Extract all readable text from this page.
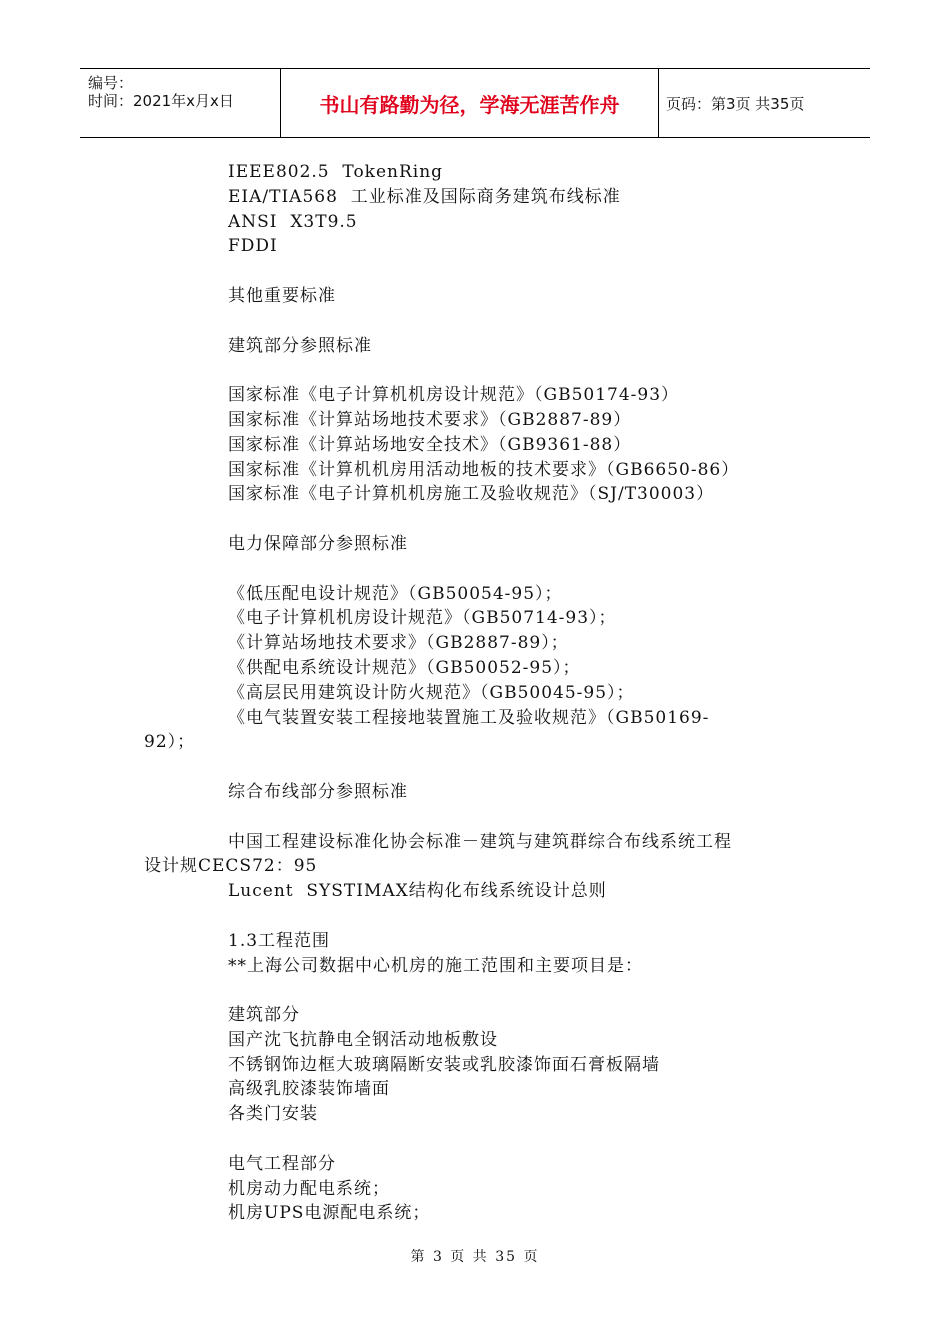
编号：
时间：2021年x月x日	书山有路勤为径，学海无涯苦作舟	页码：第3页 共35页

IEEE802.5  TokenRing

EIA/TIA568  工业标准及国际商务建筑布线标准

ANSI  X3T9.5

FDDI

其他重要标准

建筑部分参照标准

国家标准《电子计算机机房设计规范》（GB50174-93）

国家标准《计算站场地技术要求》（GB2887-89）

国家标准《计算站场地安全技术》（GB9361-88）

国家标准《计算机机房用活动地板的技术要求》（GB6650-86）

国家标准《电子计算机机房施工及验收规范》（SJ/T30003）

电力保障部分参照标准

《低压配电设计规范》（GB50054-95）；

《电子计算机机房设计规范》（GB50714-93）；

《计算站场地技术要求》（GB2887-89）；

《供配电系统设计规范》（GB50052-95）；

《高层民用建筑设计防火规范》（GB50045-95）；

《电气装置安装工程接地装置施工及验收规范》（GB50169-

92）；

综合布线部分参照标准

中国工程建设标准化协会标准－建筑与建筑群综合布线系统工程

设计规CECS72：95

Lucent  SYSTIMAX结构化布线系统设计总则

1.3工程范围

**上海公司数据中心机房的施工范围和主要项目是：

建筑部分

国产沈飞抗静电全钢活动地板敷设

不锈钢饰边框大玻璃隔断安装或乳胶漆饰面石膏板隔墙

高级乳胶漆装饰墙面

各类门安装

电气工程部分

机房动力配电系统；

机房UPS电源配电系统；

第 3 页 共 35 页
